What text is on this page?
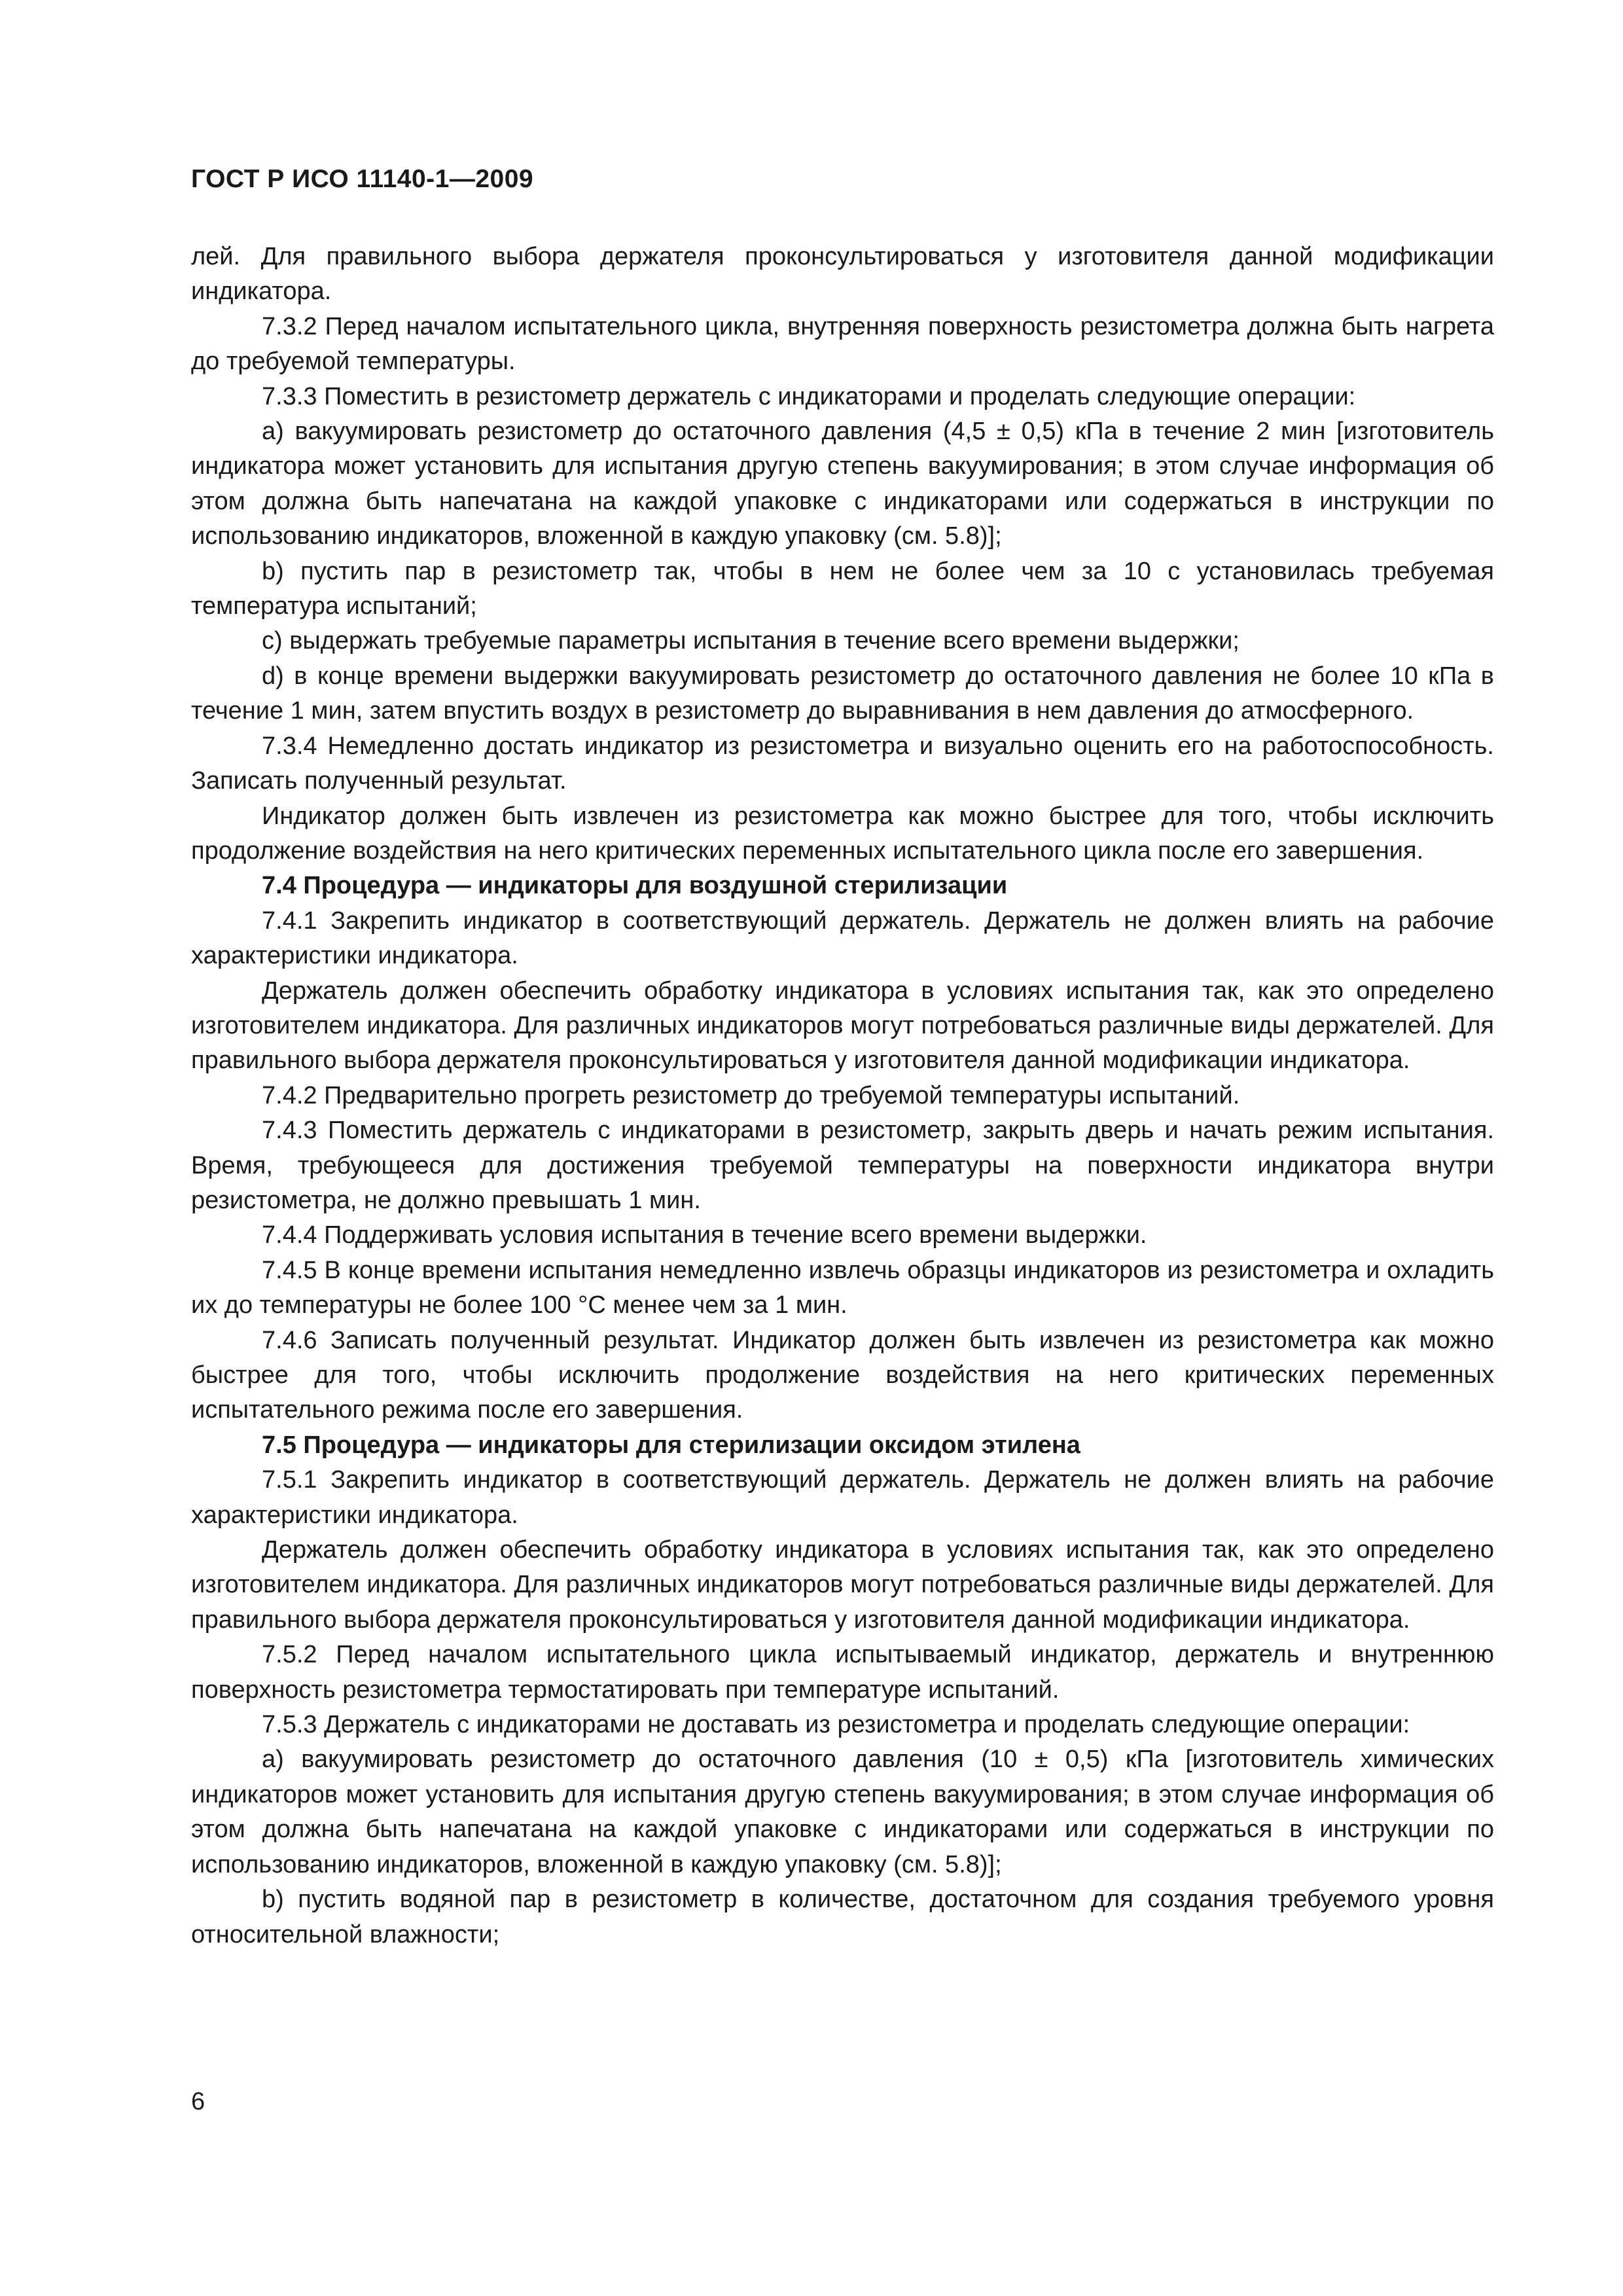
ГОСТ Р ИСО 11140-1—2009

лей. Для правильного выбора держателя проконсультироваться у изготовителя данной модификации индикатора.

7.3.2 Перед началом испытательного цикла, внутренняя поверхность резистометра должна быть нагрета до требуемой температуры.

7.3.3 Поместить в резистометр держатель с индикаторами и проделать следующие операции:

a) вакуумировать резистометр до остаточного давления (4,5 ± 0,5) кПа в течение 2 мин [изготовитель индикатора может установить для испытания другую степень вакуумирования; в этом случае информация об этом должна быть напечатана на каждой упаковке с индикаторами или содержаться в инструкции по использованию индикаторов, вложенной в каждую упаковку (см. 5.8)];

b) пустить пар в резистометр так, чтобы в нем не более чем за 10 с установилась требуемая температура испытаний;

c) выдержать требуемые параметры испытания в течение всего времени выдержки;

d) в конце времени выдержки вакуумировать резистометр до остаточного давления не более 10 кПа в течение 1 мин, затем впустить воздух в резистометр до выравнивания в нем давления до атмосферного.

7.3.4 Немедленно достать индикатор из резистометра и визуально оценить его на работоспособность. Записать полученный результат.

Индикатор должен быть извлечен из резистометра как можно быстрее для того, чтобы исключить продолжение воздействия на него критических переменных испытательного цикла после его завершения.

7.4 Процедура — индикаторы для воздушной стерилизации

7.4.1 Закрепить индикатор в соответствующий держатель. Держатель не должен влиять на рабочие характеристики индикатора.

Держатель должен обеспечить обработку индикатора в условиях испытания так, как это определено изготовителем индикатора. Для различных индикаторов могут потребоваться различные виды держателей. Для правильного выбора держателя проконсультироваться у изготовителя данной модификации индикатора.

7.4.2 Предварительно прогреть резистометр до требуемой температуры испытаний.

7.4.3 Поместить держатель с индикаторами в резистометр, закрыть дверь и начать режим испытания. Время, требующееся для достижения требуемой температуры на поверхности индикатора внутри резистометра, не должно превышать 1 мин.

7.4.4 Поддерживать условия испытания в течение всего времени выдержки.

7.4.5 В конце времени испытания немедленно извлечь образцы индикаторов из резистометра и охладить их до температуры не более 100 °С менее чем за 1 мин.

7.4.6 Записать полученный результат. Индикатор должен быть извлечен из резистометра как можно быстрее для того, чтобы исключить продолжение воздействия на него критических переменных испытательного режима после его завершения.

7.5 Процедура — индикаторы для стерилизации оксидом этилена

7.5.1 Закрепить индикатор в соответствующий держатель. Держатель не должен влиять на рабочие характеристики индикатора.

Держатель должен обеспечить обработку индикатора в условиях испытания так, как это определено изготовителем индикатора. Для различных индикаторов могут потребоваться различные виды держателей. Для правильного выбора держателя проконсультироваться у изготовителя данной модификации индикатора.

7.5.2 Перед началом испытательного цикла испытываемый индикатор, держатель и внутреннюю поверхность резистометра термостатировать при температуре испытаний.

7.5.3 Держатель с индикаторами не доставать из резистометра и проделать следующие операции:

a) вакуумировать резистометр до остаточного давления (10 ± 0,5) кПа [изготовитель химических индикаторов может установить для испытания другую степень вакуумирования; в этом случае информация об этом должна быть напечатана на каждой упаковке с индикаторами или содержаться в инструкции по использованию индикаторов, вложенной в каждую упаковку (см. 5.8)];

b) пустить водяной пар в резистометр в количестве, достаточном для создания требуемого уровня относительной влажности;

6
